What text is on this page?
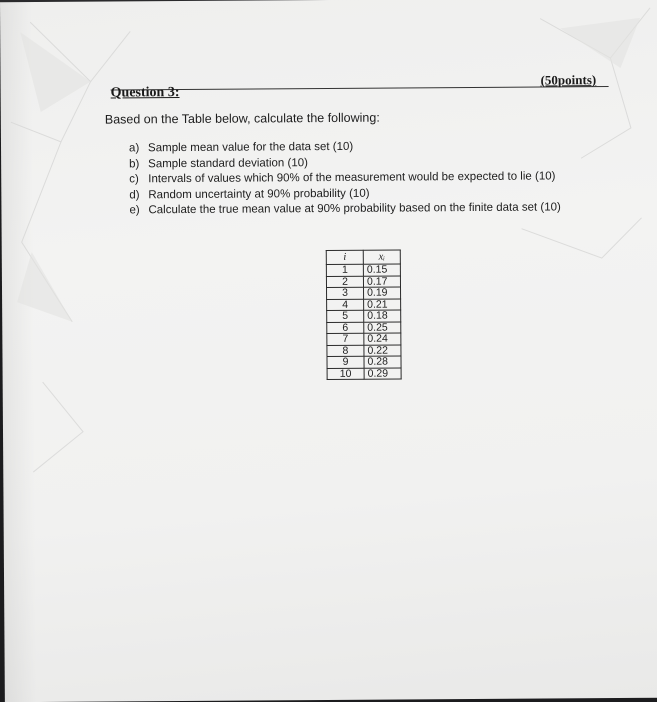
Question 3:
(50points)
Based on the Table below, calculate the following:
a) Sample mean value for the data set (10)
b) Sample standard deviation (10)
c) Intervals of values which 90% of the measurement would be expected to lie (10)
d) Random uncertainty at 90% probability (10)
e) Calculate the true mean value at 90% probability based on the finite data set (10)
i	xᵢ
1	0.15
2	0.17
3	0.19
4	0.21
5	0.18
6	0.25
7	0.24
8	0.22
9	0.28
10	0.29
